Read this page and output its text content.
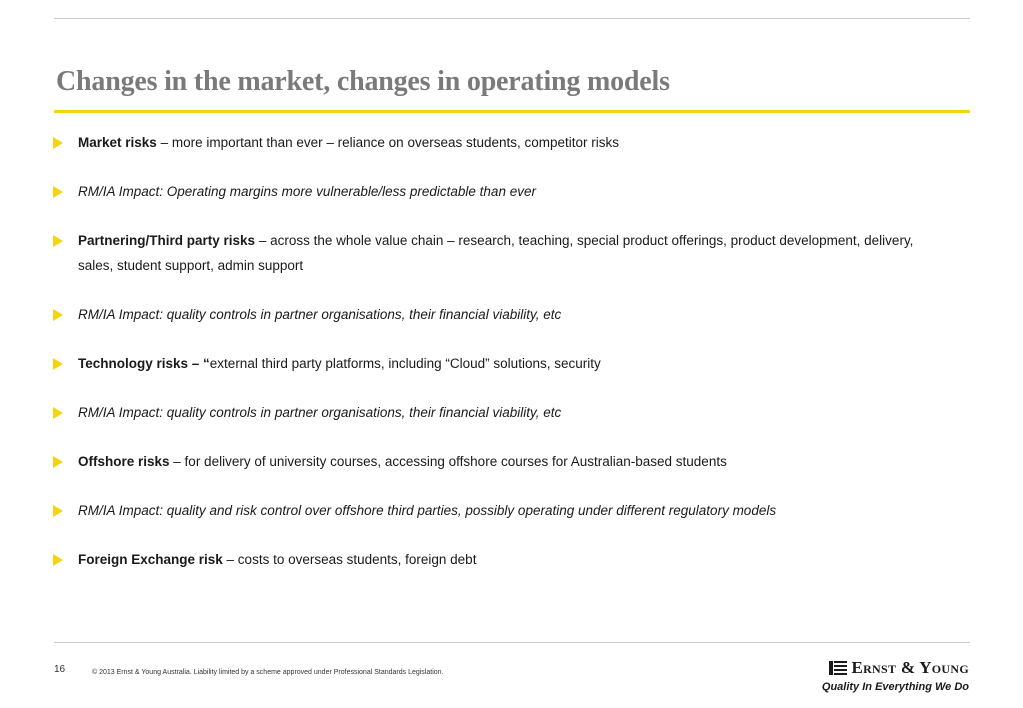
Changes in the market, changes in operating models
Market risks – more important than ever – reliance on overseas students, competitor risks
RM/IA Impact: Operating margins more vulnerable/less predictable than ever
Partnering/Third party risks – across the whole value chain – research, teaching, special product offerings, product development, delivery, sales, student support, admin support
RM/IA Impact: quality controls in partner organisations, their financial viability, etc
Technology risks – “external third party platforms, including “Cloud” solutions, security
RM/IA Impact: quality controls in partner organisations, their financial viability, etc
Offshore risks – for delivery of university courses, accessing offshore courses for Australian-based students
RM/IA Impact: quality and risk control over offshore third parties, possibly operating under different regulatory models
Foreign Exchange risk – costs to overseas students, foreign debt
16	© 2013 Ernst & Young Australia. Liability limited by a scheme approved under Professional Standards Legislation.	Ernst & Young
Quality In Everything We Do
